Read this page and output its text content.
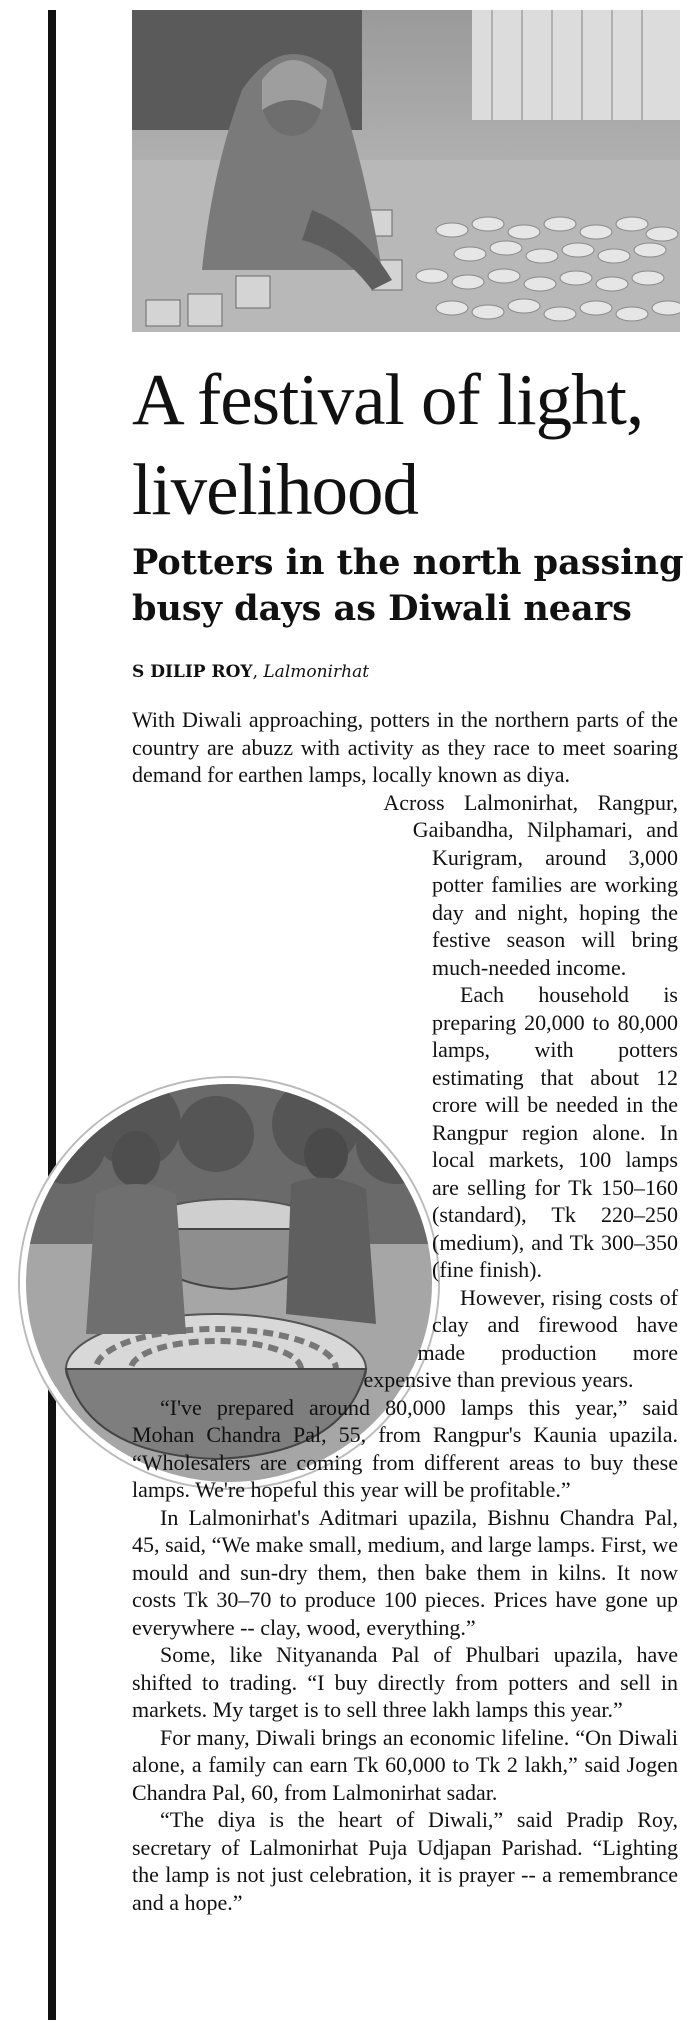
A festival of light, livelihood
Potters in the north passing busy days as Diwali nears
S DILIP ROY, Lalmonirhat

With Diwali approaching, potters in the northern parts of the country are abuzz with activity as they race to meet soaring demand for earthen lamps, locally known as diya.

Across Lalmonirhat, Rangpur, Gaibandha, Nilphamari, and Kurigram, around 3,000 potter families are working day and night, hoping the festive season will bring much-needed income.

Each household is preparing 20,000 to 80,000 lamps, with potters estimating that about 12 crore will be needed in the Rangpur region alone. In local markets, 100 lamps are selling for Tk 150–160 (standard), Tk 220–250 (medium), and Tk 300–350 (fine finish).

However, rising costs of clay and firewood have made production more expensive than previous years.

“I've prepared around 80,000 lamps this year,” said Mohan Chandra Pal, 55, from Rangpur's Kaunia upazila. “Wholesalers are coming from different areas to buy these lamps. We're hopeful this year will be profitable.”

In Lalmonirhat's Aditmari upazila, Bishnu Chandra Pal, 45, said, “We make small, medium, and large lamps. First, we mould and sun-dry them, then bake them in kilns. It now costs Tk 30–70 to produce 100 pieces. Prices have gone up everywhere -- clay, wood, everything.”

Some, like Nityananda Pal of Phulbari upazila, have shifted to trading. “I buy directly from potters and sell in markets. My target is to sell three lakh lamps this year.”

For many, Diwali brings an economic lifeline. “On Diwali alone, a family can earn Tk 60,000 to Tk 2 lakh,” said Jogen Chandra Pal, 60, from Lalmonirhat sadar.

“The diya is the heart of Diwali,” said Pradip Roy, secretary of Lalmonirhat Puja Udjapan Parishad. “Lighting the lamp is not just celebration, it is prayer -- a remembrance and a hope.”
